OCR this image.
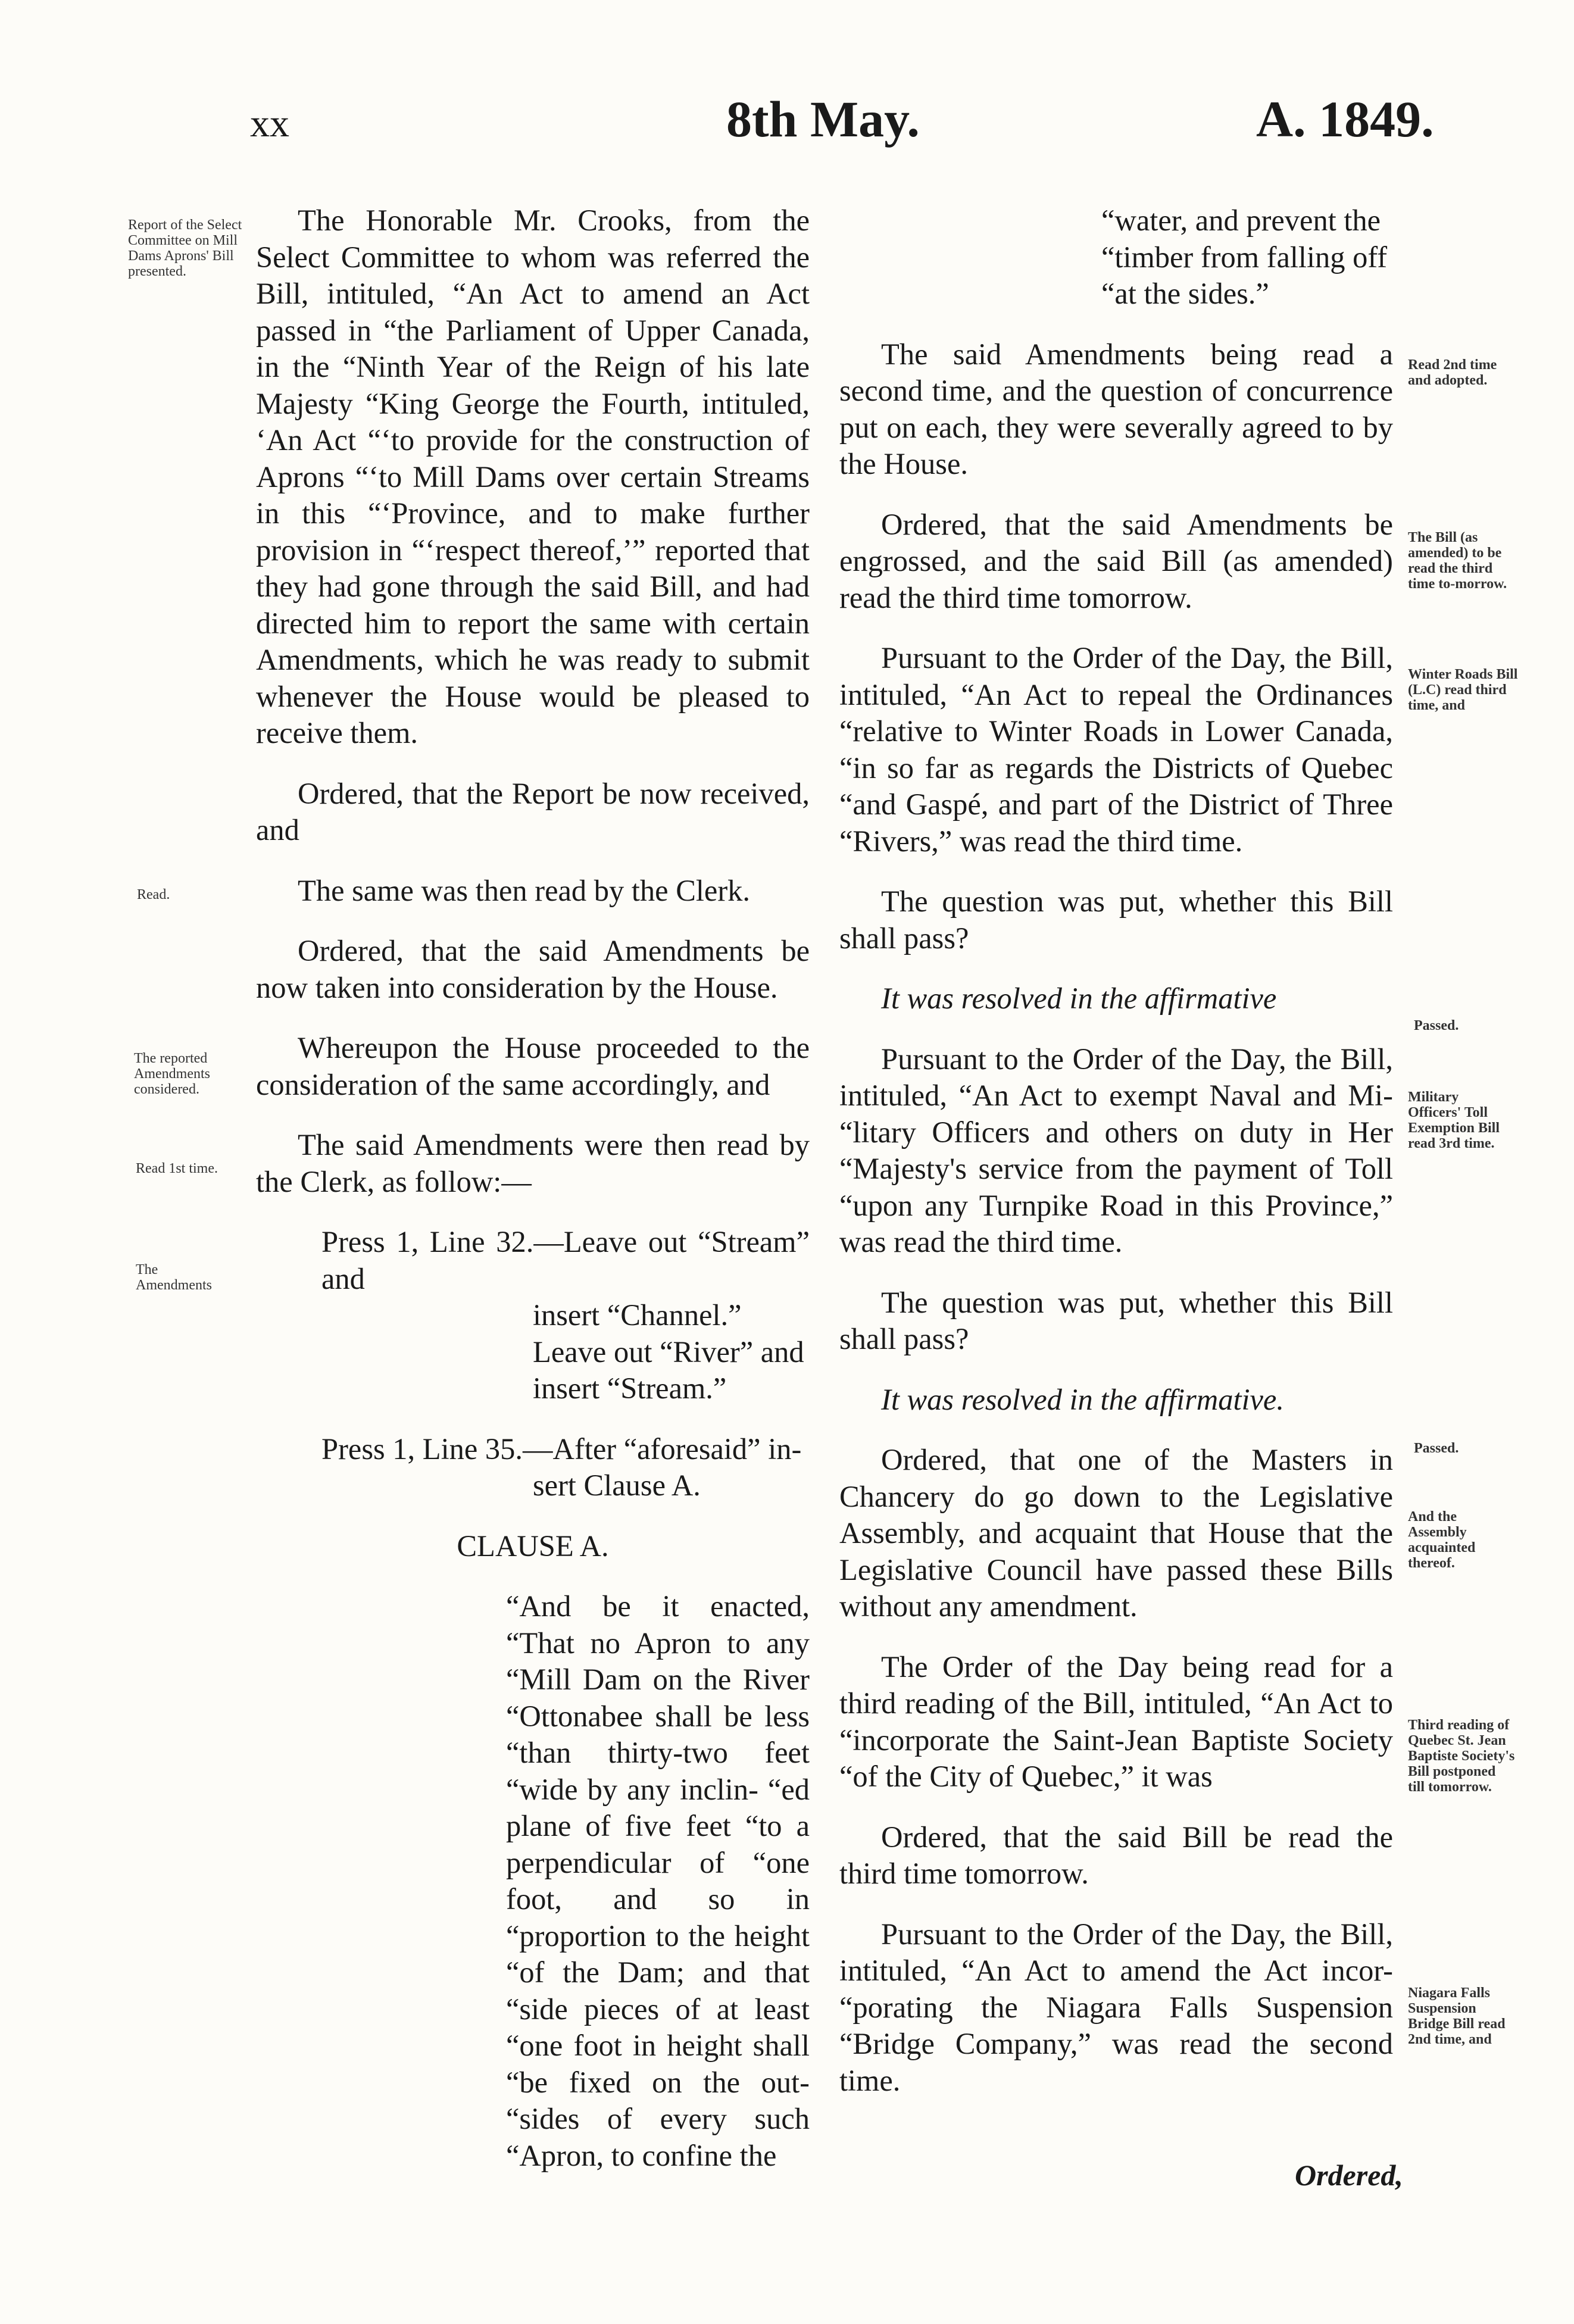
xx	8th May.	A. 1849.
Report of the Select Committee on Mill Dams Aprons' Bill presented.
Read.
The reported Amendments considered.
Read 1st time.
The Amendments
Read 2nd time and adopted.
The Bill (as amended) to be read the third time to-morrow.
Winter Roads Bill (L.C) read third time, and
Passed.
Military Officers' Toll Exemption Bill read 3rd time.
Passed.
And the Assembly acquainted thereof.
Third reading of Quebec St. Jean Baptiste Society's Bill postponed till tomorrow.
Niagara Falls Suspension Bridge Bill read 2nd time, and

The Honorable Mr. Crooks, from the Select Committee to whom was referred the Bill, intituled, “An Act to amend an Act passed in “the Parliament of Upper Canada, in the “Ninth Year of the Reign of his late Majesty “King George the Fourth, intituled, ‘An Act “‘to provide for the construction of Aprons “‘to Mill Dams over certain Streams in this “‘Province, and to make further provision in “‘respect thereof,’” reported that they had gone through the said Bill, and had directed him to report the same with certain Amendments, which he was ready to submit whenever the House would be pleased to receive them.

Ordered, that the Report be now received, and

The same was then read by the Clerk.

Ordered, that the said Amendments be now taken into consideration by the House.

Whereupon the House proceeded to the consideration of the same accordingly, and

The said Amendments were then read by the Clerk, as follow:—

Press 1, Line 32.—Leave out “Stream” and

insert “Channel.”

Leave out “River” and

insert “Stream.”

Press 1, Line 35.—After “aforesaid” in-

sert Clause A.

CLAUSE A.

“And be it enacted, “That no Apron to any “Mill Dam on the River “Ottonabee shall be less “than thirty-two feet “wide by any inclin- “ed plane of five feet “to a perpendicular of “one foot, and so in “proportion to the height “of the Dam; and that “side pieces of at least “one foot in height shall “be fixed on the out- “sides of every such “Apron, to confine the

“water, and prevent the

“timber from falling off

“at the sides.”

The said Amendments being read a second time, and the question of concurrence put on each, they were severally agreed to by the House.

Ordered, that the said Amendments be engrossed, and the said Bill (as amended) read the third time tomorrow.

Pursuant to the Order of the Day, the Bill, intituled, “An Act to repeal the Ordinances “relative to Winter Roads in Lower Canada, “in so far as regards the Districts of Quebec “and Gaspé, and part of the District of Three “Rivers,” was read the third time.

The question was put, whether this Bill shall pass?

It was resolved in the affirmative

Pursuant to the Order of the Day, the Bill, intituled, “An Act to exempt Naval and Mi- “litary Officers and others on duty in Her “Majesty's service from the payment of Toll “upon any Turnpike Road in this Province,” was read the third time.

The question was put, whether this Bill shall pass?

It was resolved in the affirmative.

Ordered, that one of the Masters in Chancery do go down to the Legislative Assembly, and acquaint that House that the Legislative Council have passed these Bills without any amendment.

The Order of the Day being read for a third reading of the Bill, intituled, “An Act to “incorporate the Saint-Jean Baptiste Society “of the City of Quebec,” it was

Ordered, that the said Bill be read the third time tomorrow.

Pursuant to the Order of the Day, the Bill, intituled, “An Act to amend the Act incor- “porating the Niagara Falls Suspension “Bridge Company,” was read the second time.

Ordered,
